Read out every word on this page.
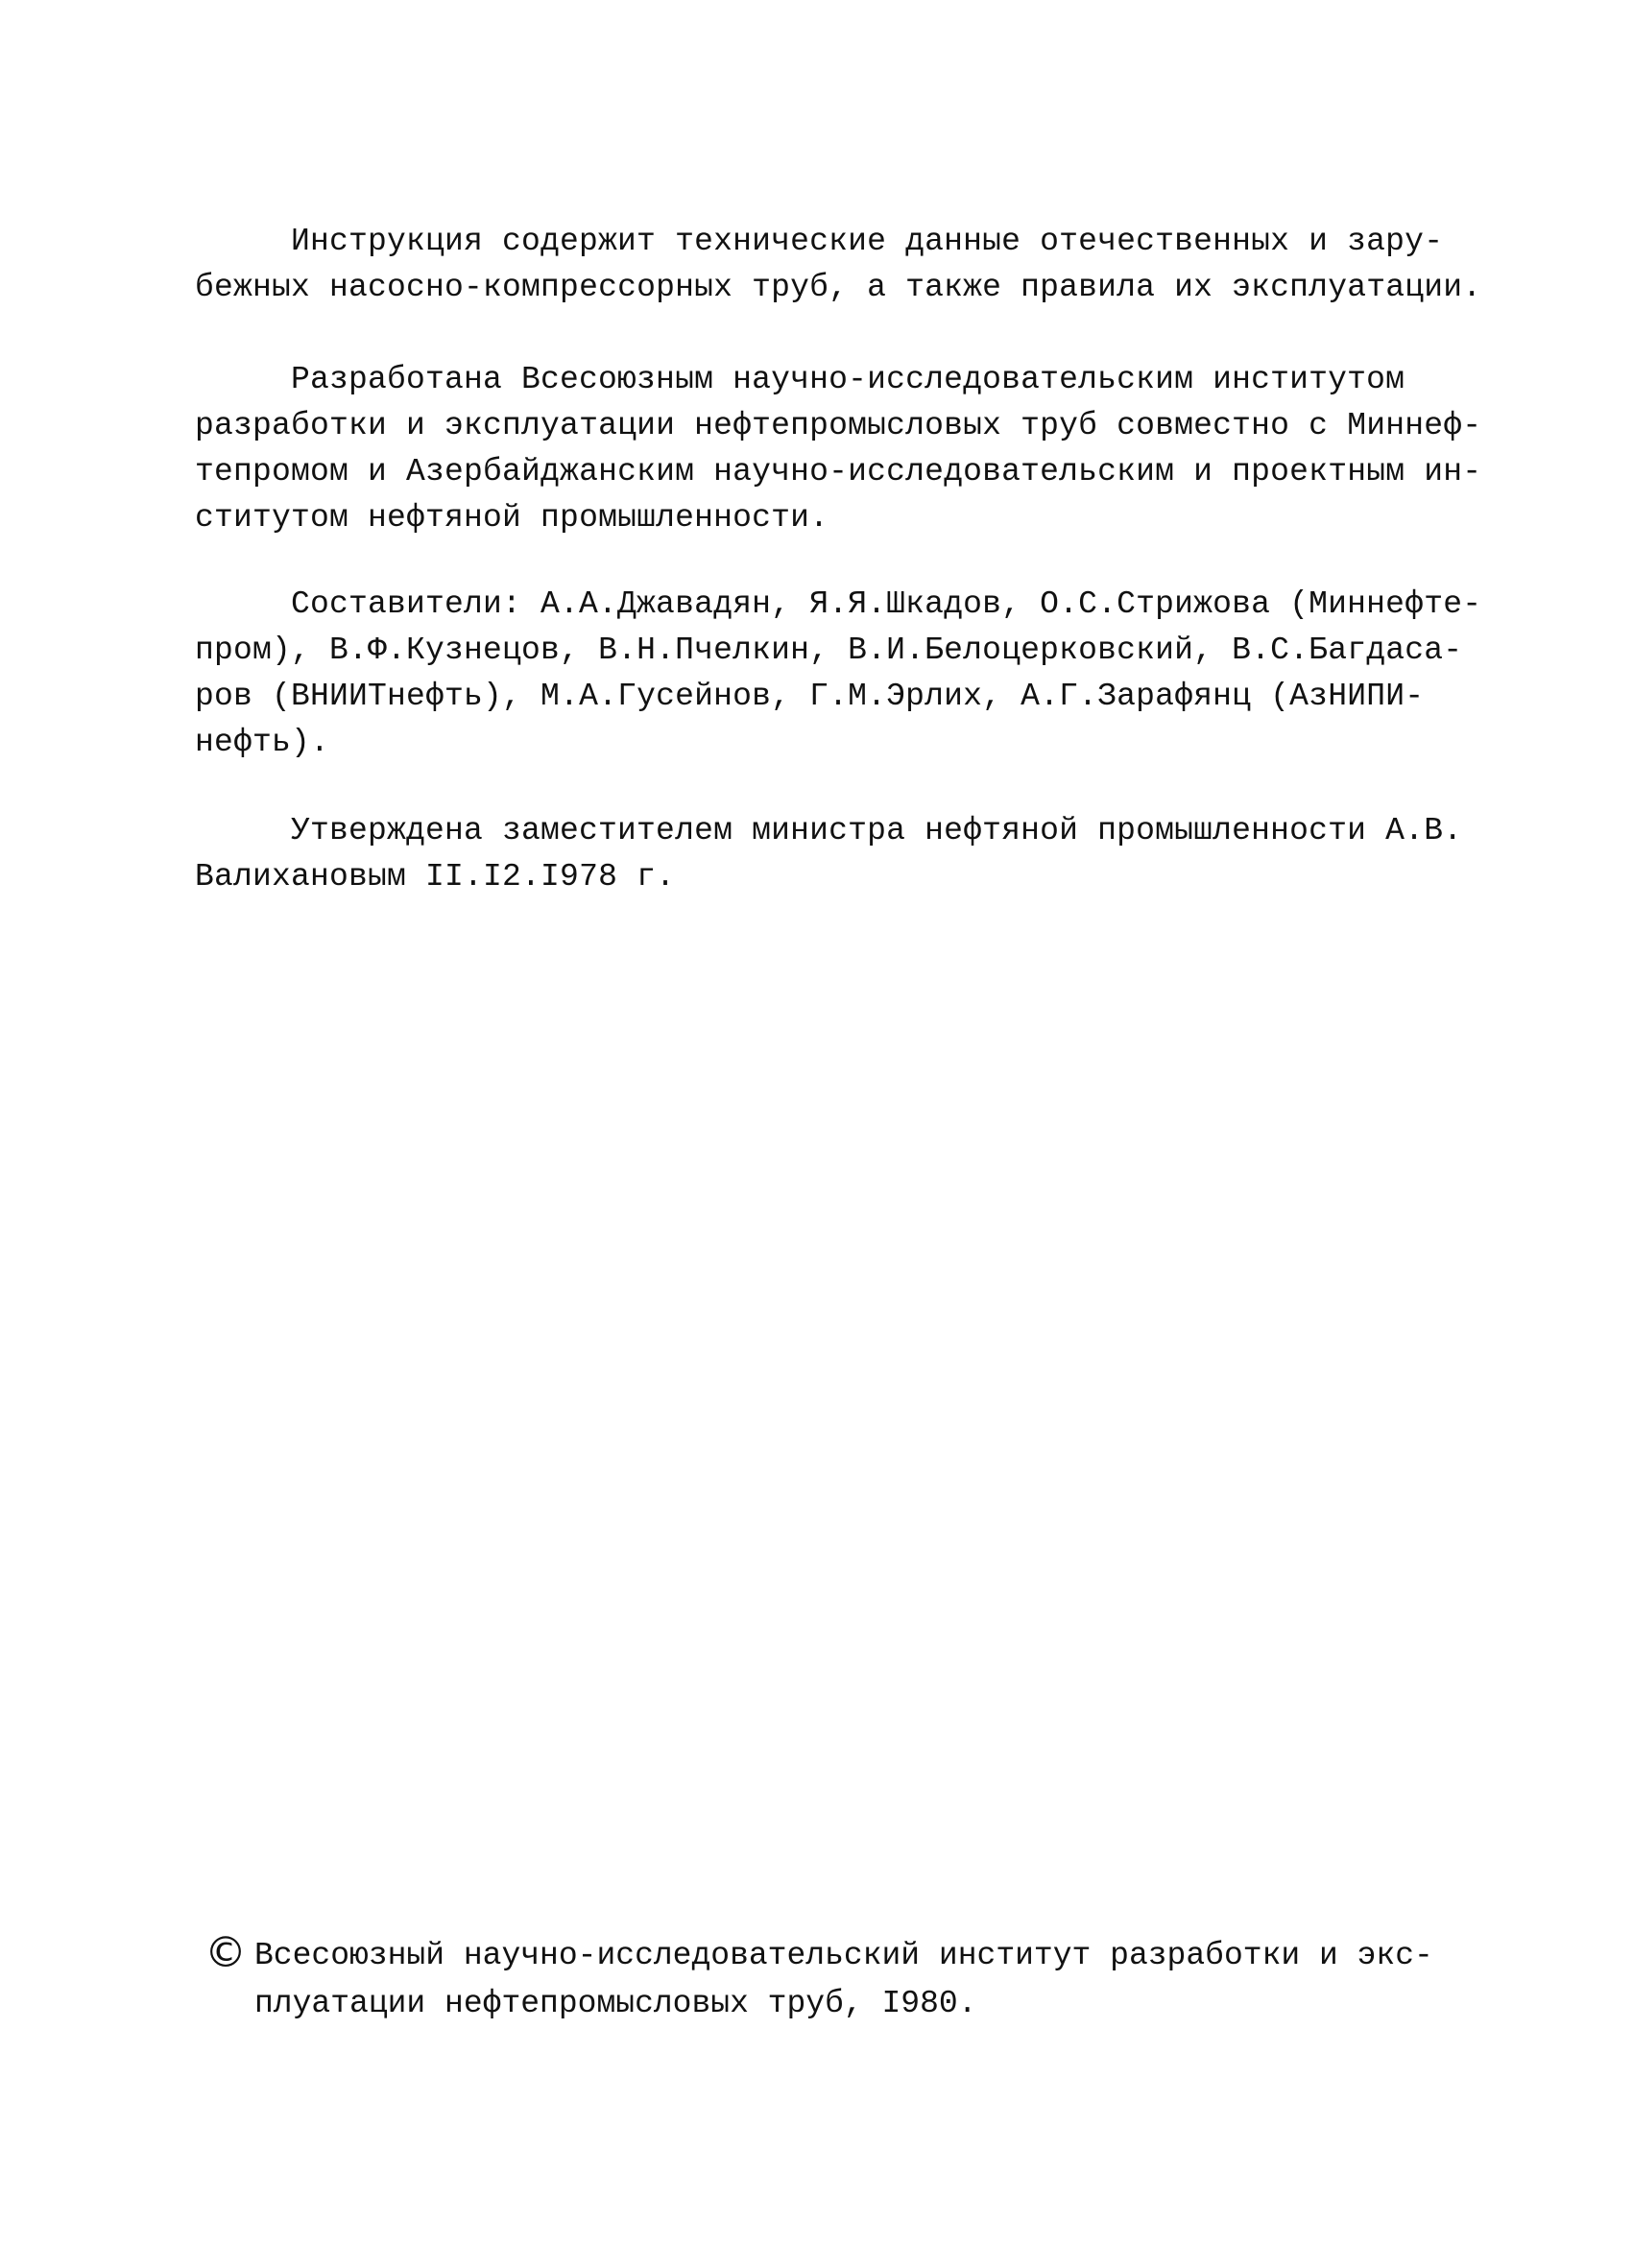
Инструкция содержит технические данные отечественных и зару-
бежных насосно-компрессорных труб, а также правила их эксплуатации.
Разработана Всесоюзным научно-исследовательским институтом
разработки и эксплуатации нефтепромысловых труб совместно с Миннеф-
тепромом и Азербайджанским научно-исследовательским и проектным ин-
ститутом нефтяной промышленности.
Составители: А.А.Джавадян, Я.Я.Шкадов, О.С.Стрижова (Миннефте-
пром), В.Ф.Кузнецов, В.Н.Пчелкин, В.И.Белоцерковский, В.С.Багдаса-
ров (ВНИИТнефть), М.А.Гусейнов, Г.М.Эрлих, А.Г.Зарафянц (АзНИПИ-
нефть).
Утверждена заместителем министра нефтяной промышленности А.В.
Валихановым II.I2.I978 г.
© Всесоюзный научно-исследовательский институт разработки и экс-
плуатации нефтепромысловых труб, I980.
